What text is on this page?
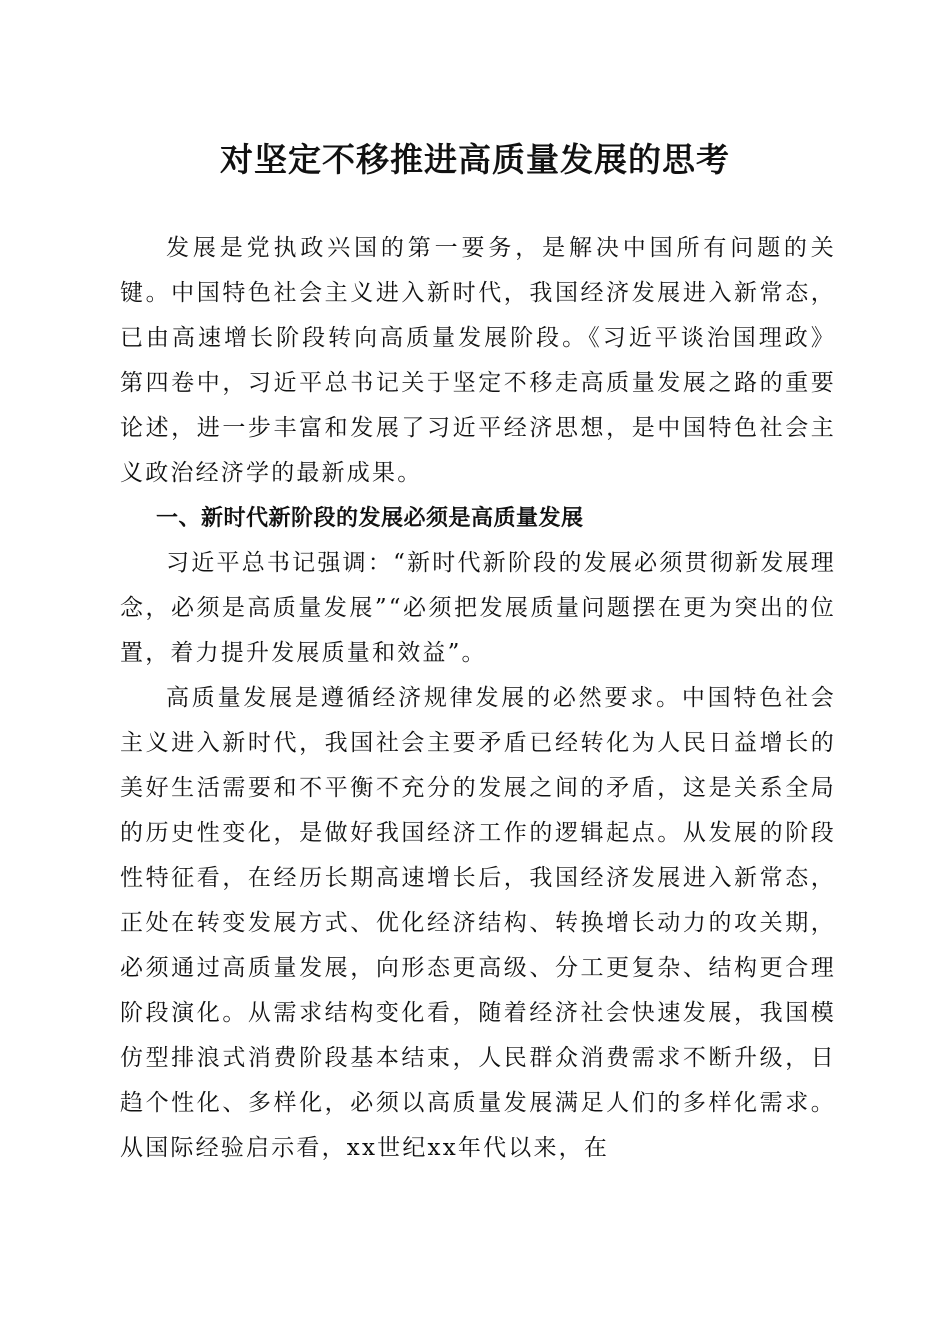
对坚定不移推进高质量发展的思考

发展是党执政兴国的第一要务，是解决中国所有问题的关键。中国特色社会主义进入新时代，我国经济发展进入新常态，已由高速增长阶段转向高质量发展阶段。《习近平谈治国理政》第四卷中，习近平总书记关于坚定不移走高质量发展之路的重要论述，进一步丰富和发展了习近平经济思想，是中国特色社会主义政治经济学的最新成果。

一、新时代新阶段的发展必须是高质量发展

习近平总书记强调：“新时代新阶段的发展必须贯彻新发展理念，必须是高质量发展”“必须把发展质量问题摆在更为突出的位置，着力提升发展质量和效益”。

高质量发展是遵循经济规律发展的必然要求。中国特色社会主义进入新时代，我国社会主要矛盾已经转化为人民日益增长的美好生活需要和不平衡不充分的发展之间的矛盾，这是关系全局的历史性变化，是做好我国经济工作的逻辑起点。从发展的阶段性特征看，在经历长期高速增长后，我国经济发展进入新常态，正处在转变发展方式、优化经济结构、转换增长动力的攻关期，必须通过高质量发展，向形态更高级、分工更复杂、结构更合理阶段演化。从需求结构变化看，随着经济社会快速发展，我国模仿型排浪式消费阶段基本结束，人民群众消费需求不断升级，日趋个性化、多样化，必须以高质量发展满足人们的多样化需求。从国际经验启示看，xx世纪xx年代以来，在
